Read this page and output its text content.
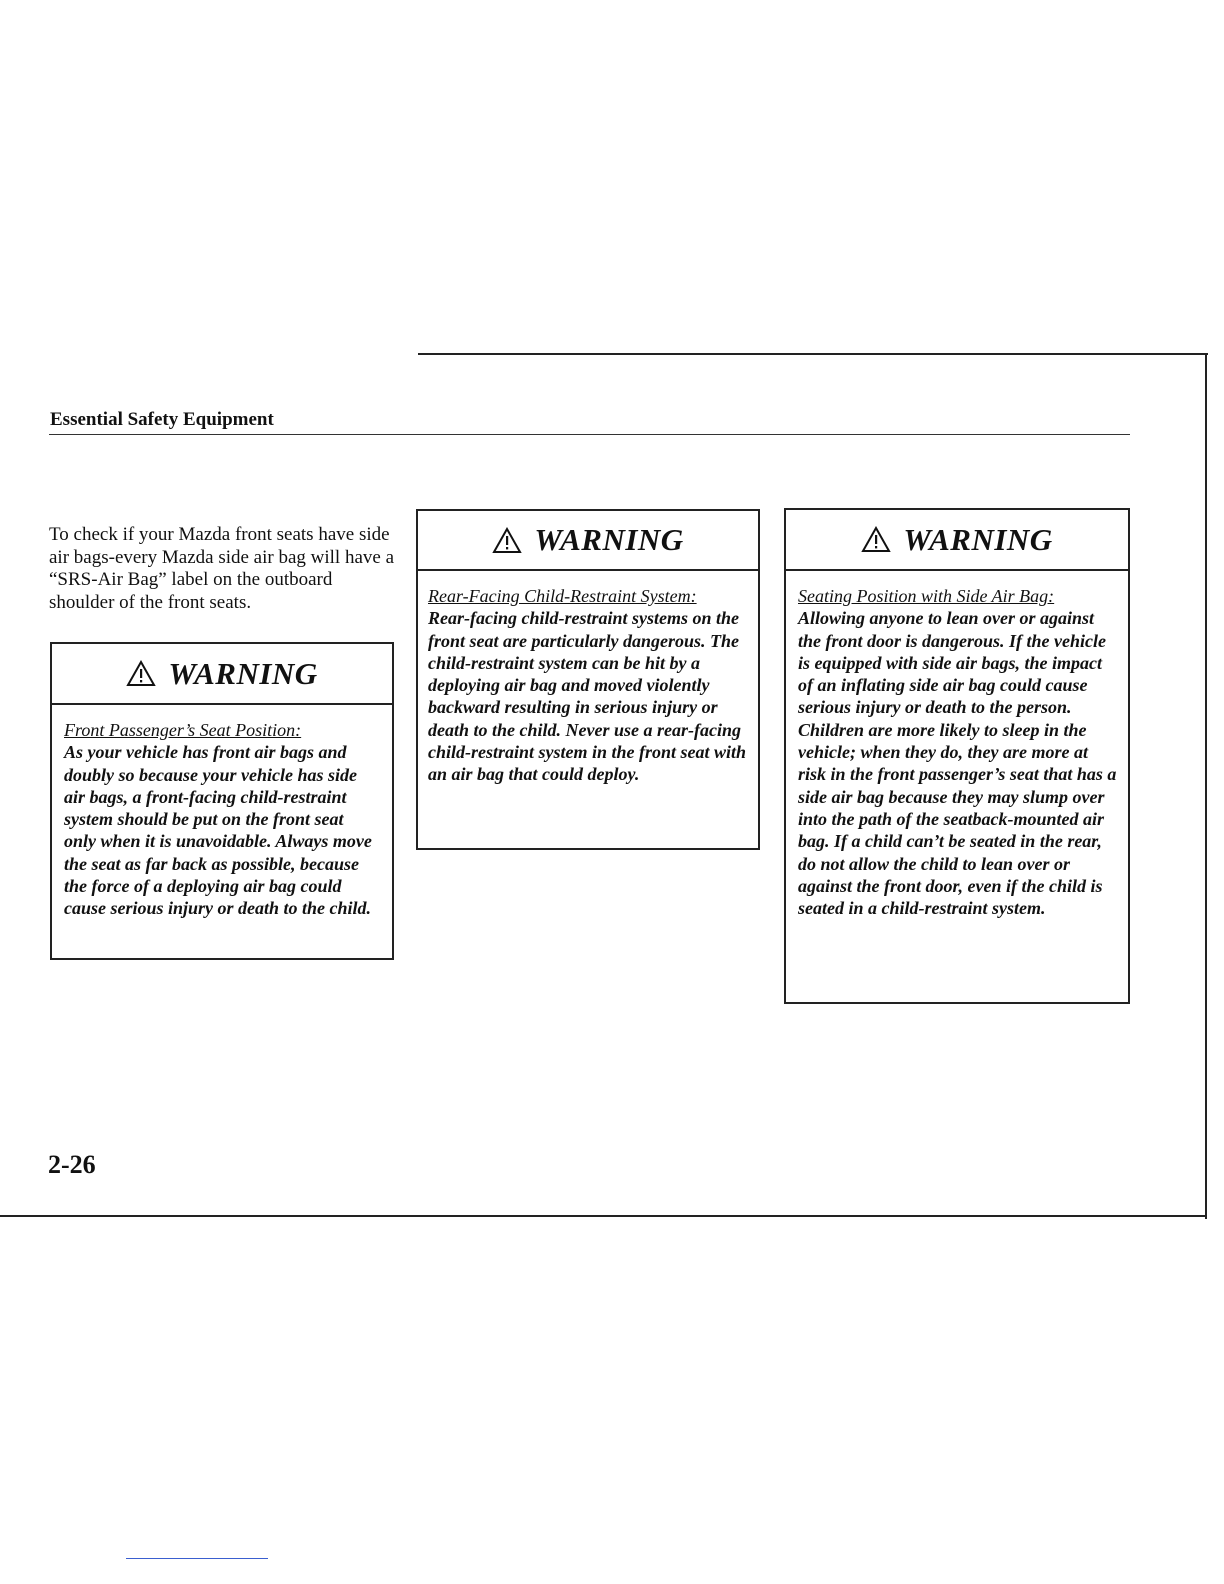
Essential Safety Equipment
To check if your Mazda front seats have side air bags-every Mazda side air bag will have a “SRS-Air Bag” label on the outboard shoulder of the front seats.
WARNING
Front Passenger’s Seat Position:
As your vehicle has front air bags and doubly so because your vehicle has side air bags, a front-facing child-restraint system should be put on the front seat only when it is unavoidable. Always move the seat as far back as possible, because the force of a deploying air bag could cause serious injury or death to the child.
WARNING
Rear-Facing Child-Restraint System:
Rear-facing child-restraint systems on the front seat are particularly dangerous. The child-restraint system can be hit by a deploying air bag and moved violently backward resulting in serious injury or death to the child. Never use a rear-facing child-restraint system in the front seat with an air bag that could deploy.
WARNING
Seating Position with Side Air Bag:
Allowing anyone to lean over or against the front door is dangerous. If the vehicle is equipped with side air bags, the impact of an inflating side air bag could cause serious injury or death to the person. Children are more likely to sleep in the vehicle; when they do, they are more at risk in the front passenger’s seat that has a side air bag because they may slump over into the path of the seatback-mounted air bag. If a child can’t be seated in the rear, do not allow the child to lean over or against the front door, even if the child is seated in a child-restraint system.
2-26
